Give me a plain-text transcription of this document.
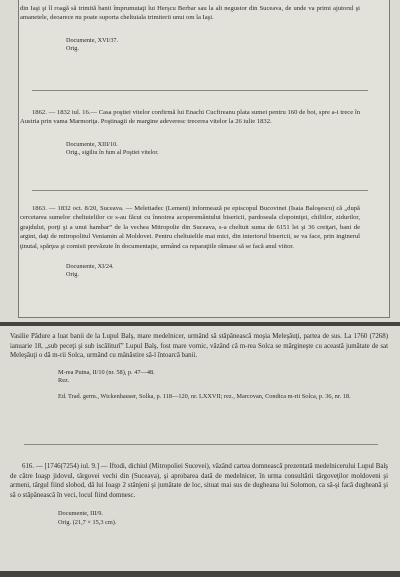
din Iaşi şi îl roagă să trimită banii împrumutaţi lui Herşcu Berbar sau la alt negustor din Suceava, de unde va primi ajutorul şi amanetele, deoarece nu poate suporta cheltuiala trimiterii unui om la Iaşi.

Documente, XVI/37.

Orig.

1862. — 1832 iul. 16.— Casa poştiei vitelor confirmă lui Enachi Cucfireanu plata sumei pentru 160 de boi, spre a-i trece în Austria prin vama Marmoriţa. Poştinagii de margine adeveresc trecerea vitelor la 26 iulie 1832.

Documente, XIII/10.

Orig., sigiliu în fum al Poştiei vitelor.

1863. — 1832 oct. 8/20, Suceava. — Meletiadec (Lemeni) informează pe episcopul Bucovinei (Isaia Baloşescu) că „după cercetarea sumelor cheltuielilor ce s-au făcut cu înnoirea acoperemântului bisericii, pardoseala clopotniţei, chiliilor, zidurilor, grajdului, porţi şi a unui hambar” de la vechea Mitropolie din Suceava, s-a cheltuit suma de 6151 lei şi 36 creiţari, bani de argint, daţi de mitropolitul Veniamin al Moldovei. Pentru cheltuielile mai mici, din interiorul bisericii, se va face, prin inginerul ţinutal, spărţea şi comisii prevăzute în documentaţie, urmând ca reparaţiile rămase să se facă anul viitor.

Documente, XI/24.

Orig.

Vasilie Pădure a luat banii de la Lupul Balş, mare medelnicer, urmând să stăpânească moşia Meleşăuţi, partea de sus. La 1760 (7268) ianuarie 18, „sub peceţi şi sub iscăliturǐ” Lupul Balş, fost mare vornic, văzând că m-rea Solca se mărgineşte cu această jumătate de sat Meleşăuţi o dă m-rii Solca, urmând cu mănăstire să-l întoarcă banii.

M-rea Putna, II/10 (nr. 58), p. 47—48.

Rez.

Ed. Trad. germ., Wickenhauser, Solka, p. 118—120, nr. LXXVII; rez., Marcovan, Condica m-rii Solca, p. 36, nr. 18.

616. — [1746(7254) iul. 9.] — Iftodi, dichiul (Mitropoliei Sucevei), văzând cartea domnească prezentată medelnicerului Lupul Balş de către Ioaşp jidovul, târgovei vechi din (Suceava), şi aprobarea dată de medelnicer, în urma consultării târgoveţilor moldoveni şi armeni, târgul fiind slobod, dă lui Ioaşp 2 stânjeni şi jumătate de loc, situat mai sus de dugheana lui Solomon, ca să-şi facă dugheană şi să o stăpânească în veci, locul fiind domnesc.

Documente, III/9.

Orig. (21,7 × 15,3 cm).
